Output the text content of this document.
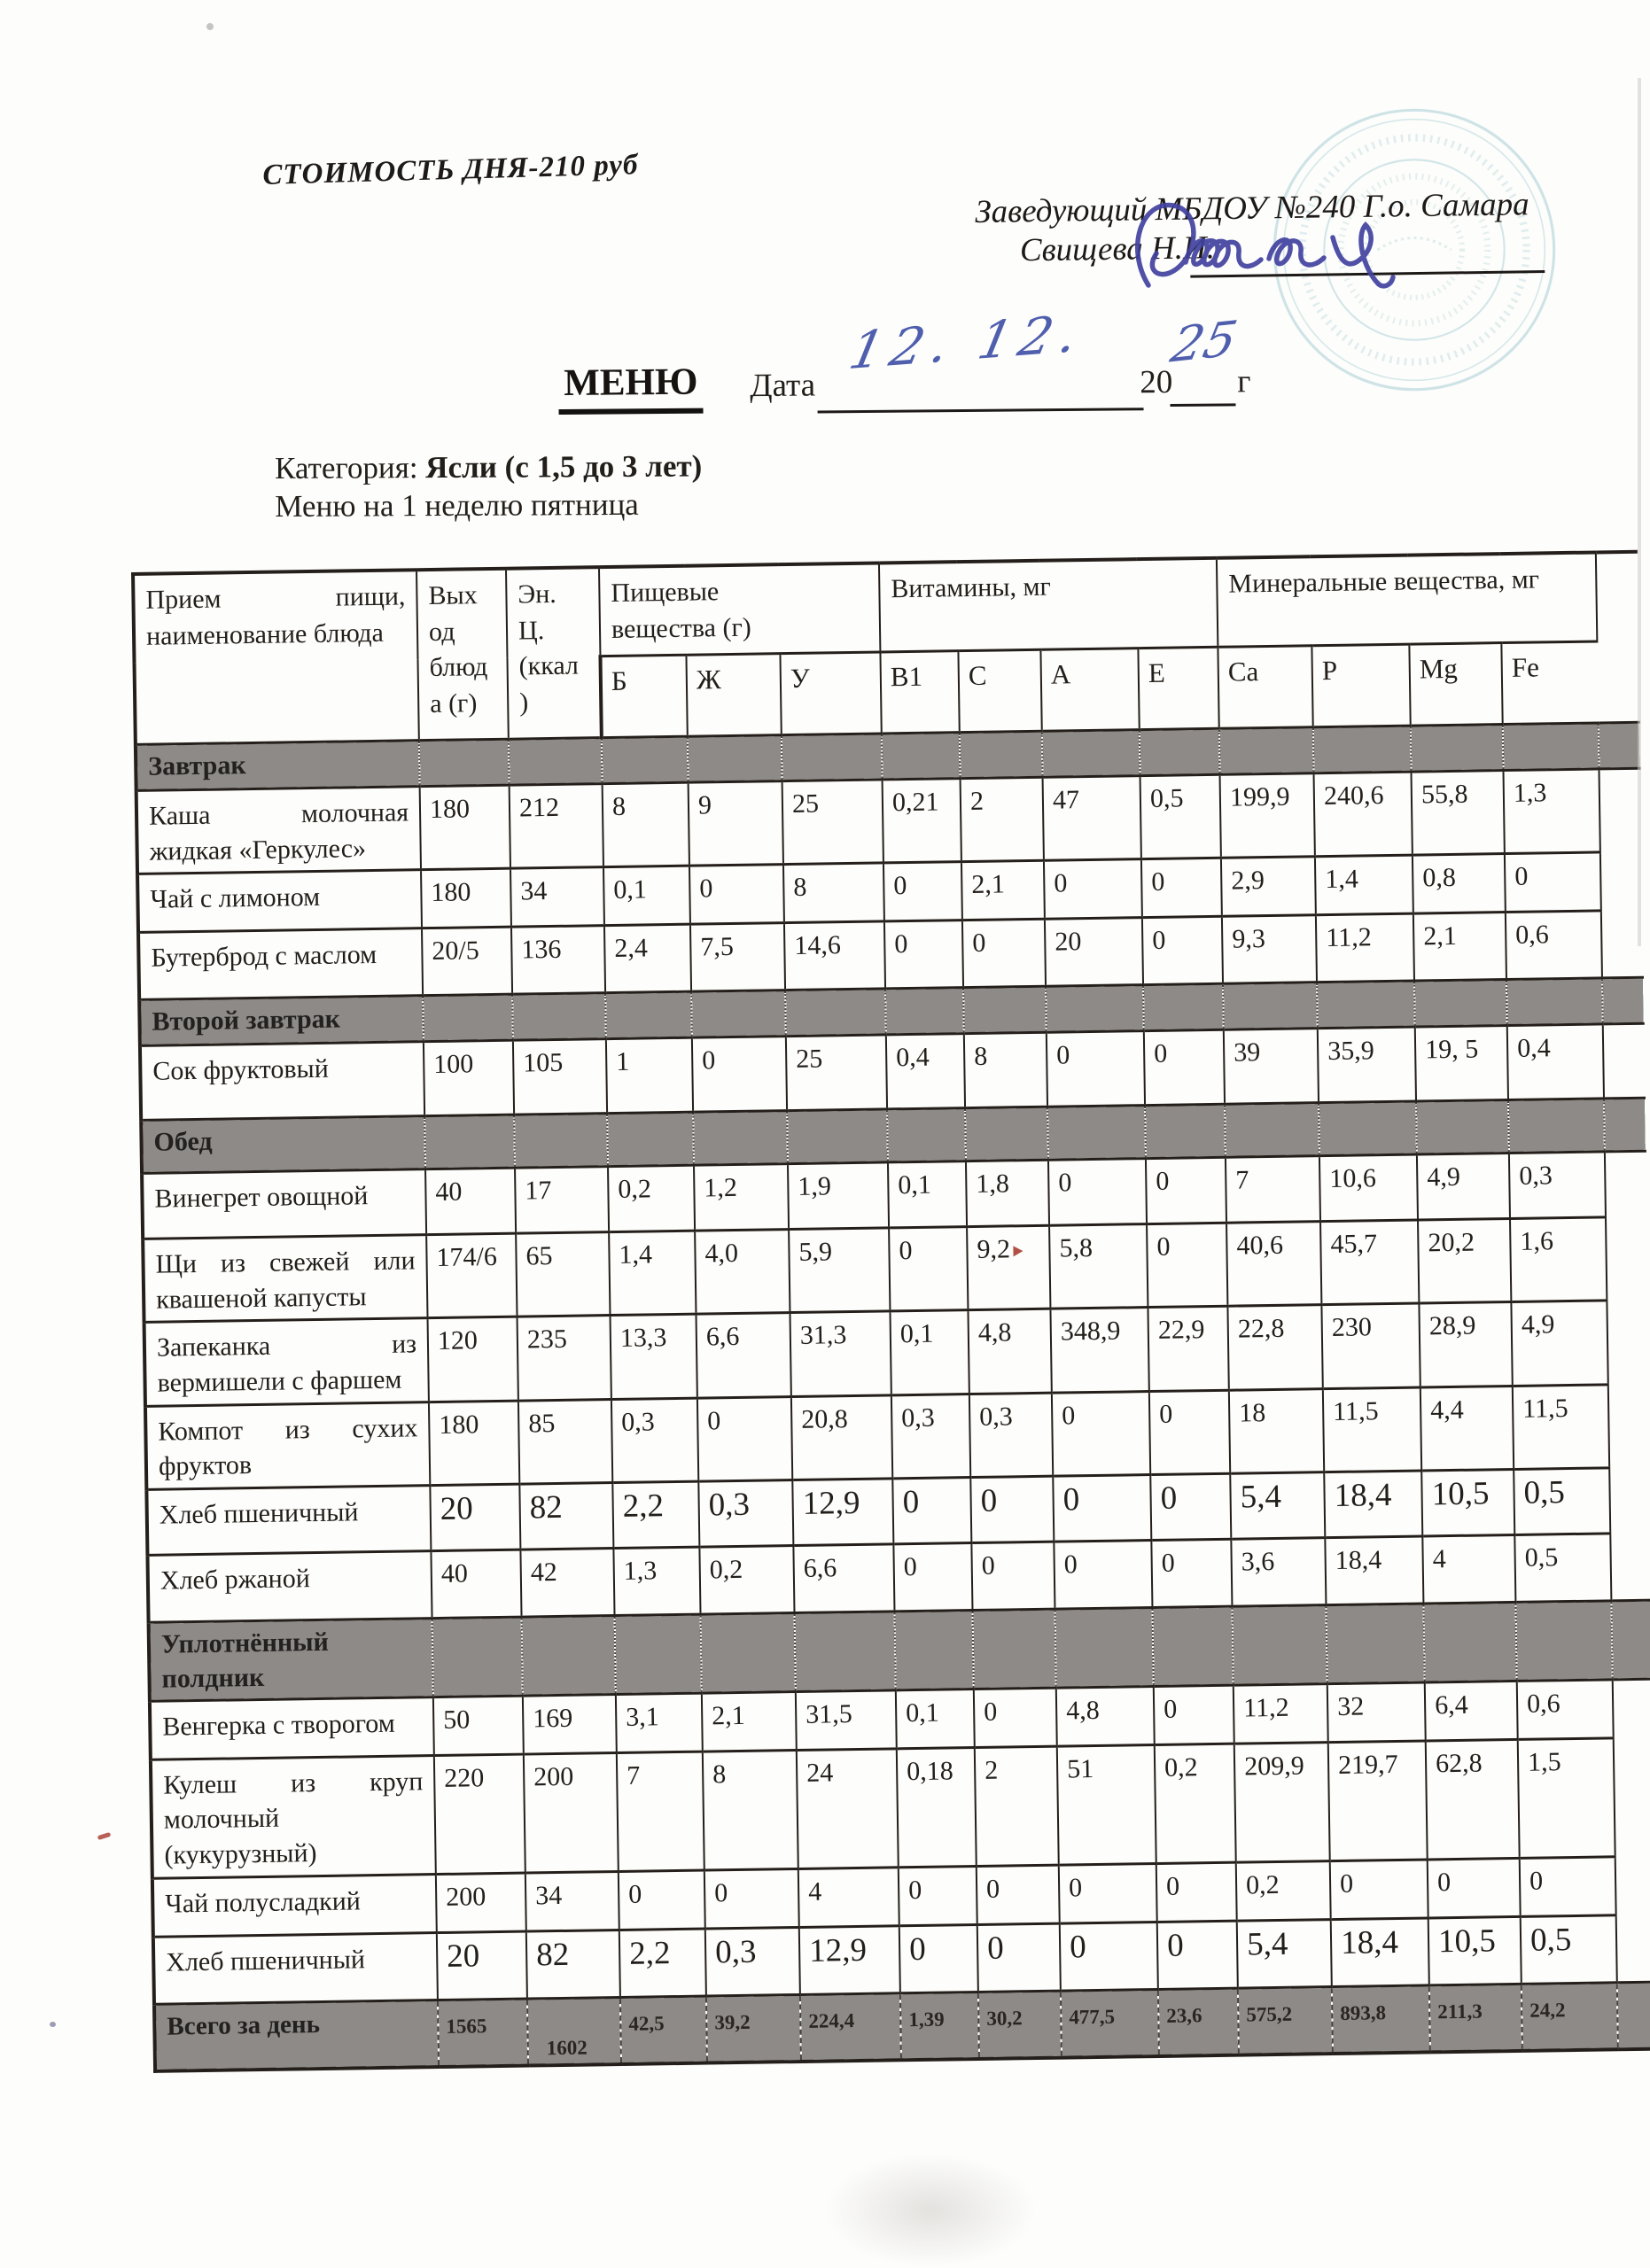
СТОИМОСТЬ ДНЯ-210 руб
Заведующий МБДОУ №240 Г.о. Самара
Свищева Н.И.
МЕНЮ Дата
12. 12.
20
25
г
Категория: Ясли (с 1,5 до 3 лет)
Меню на 1 неделю пятница
Прием пищи, наименование блюда	Вых од блюд а (г)	Эн. Ц. (ккал )	Пищевые вещества (г)			Витамины, мг				Минеральные вещества, мг				
			Б	Ж	У	В1	С	А	Е	Ca	P	Mg	Fe	
Завтрак														
Каша молочная жидкая «Геркулес»	180	212	8	9	25	0,21	2	47	0,5	199,9	240,6	55,8	1,3	
Чай с лимоном	180	34	0,1	0	8	0	2,1	0	0	2,9	1,4	0,8	0	
Бутерброд с маслом	20/5	136	2,4	7,5	14,6	0	0	20	0	9,3	11,2	2,1	0,6	
Второй завтрак														
Сок фруктовый	100	105	1	0	25	0,4	8	0	0	39	35,9	19, 5	0,4	
Обед														
Винегрет овощной	40	17	0,2	1,2	1,9	0,1	1,8	0	0	7	10,6	4,9	0,3	
Щи из свежей или квашеной капусты	174/6	65	1,4	4,0	5,9	0	9,2	5,8	0	40,6	45,7	20,2	1,6	
Запеканка из вермишели с фаршем	120	235	13,3	6,6	31,3	0,1	4,8	348,9	22,9	22,8	230	28,9	4,9	
Компот из сухих фруктов	180	85	0,3	0	20,8	0,3	0,3	0	0	18	11,5	4,4	11,5	
Хлеб пшеничный	20	82	2,2	0,3	12,9	0	0	0	0	5,4	18,4	10,5	0,5	
Хлеб ржаной	40	42	1,3	0,2	6,6	0	0	0	0	3,6	18,4	4	0,5	
Уплотнённый полдник														
Венгерка с творогом	50	169	3,1	2,1	31,5	0,1	0	4,8	0	11,2	32	6,4	0,6	
Кулеш из круп молочный (кукурузный)	220	200	7	8	24	0,18	2	51	0,2	209,9	219,7	62,8	1,5	
Чай полусладкий	200	34	0	0	4	0	0	0	0	0,2	0	0	0	
Хлеб пшеничный	20	82	2,2	0,3	12,9	0	0	0	0	5,4	18,4	10,5	0,5	
Всего за день	1565	1602	42,5	39,2	224,4	1,39	30,2	477,5	23,6	575,2	893,8	211,3	24,2	
